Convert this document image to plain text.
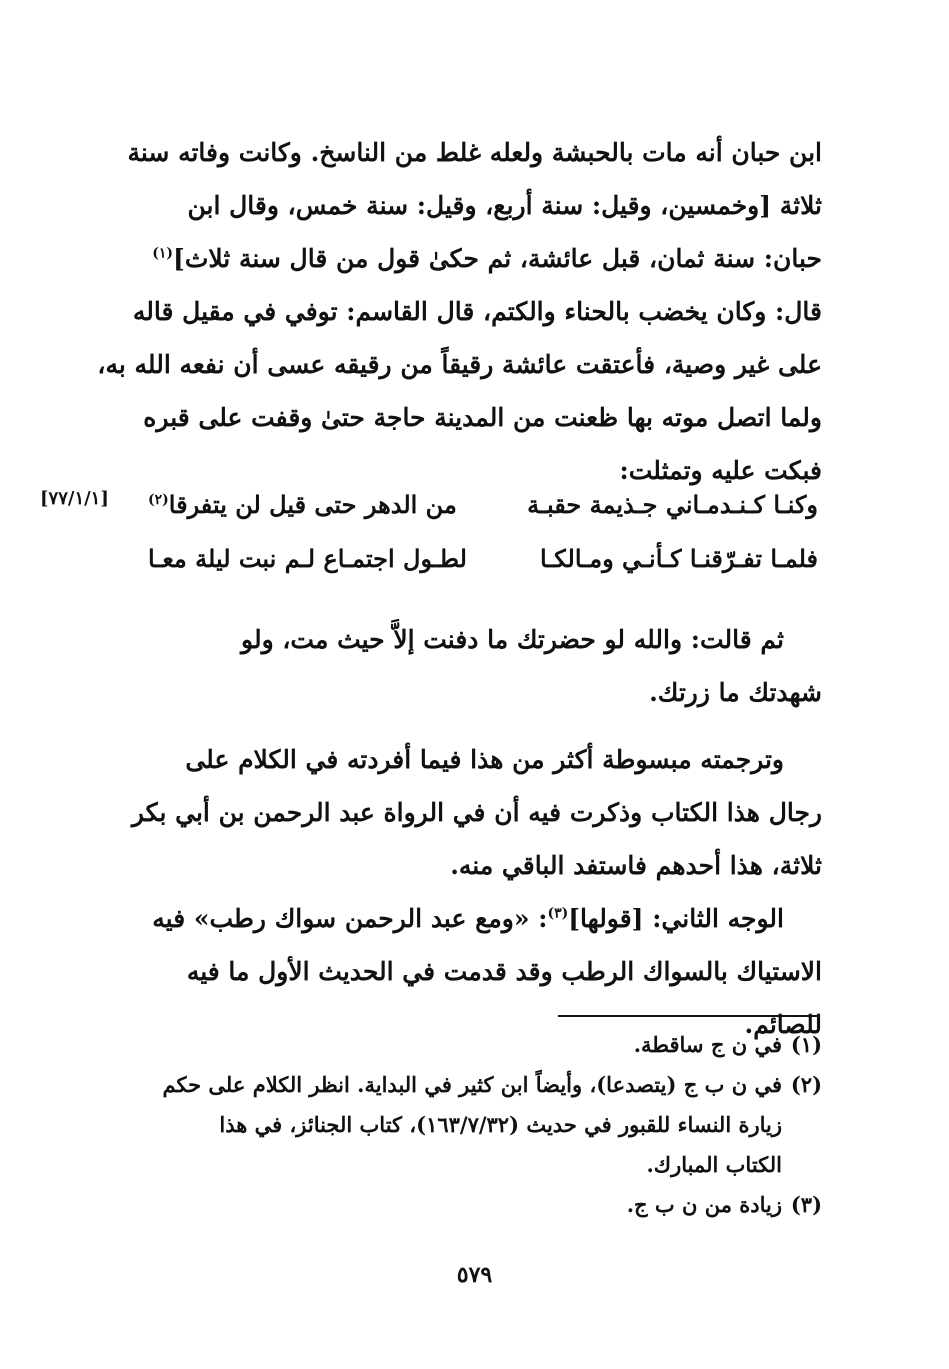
ابن حبان أنه مات بالحبشة ولعله غلط من الناسخ. وكانت وفاته سنة
ثلاثة [وخمسين، وقيل: سنة أربع، وقيل: سنة خمس، وقال ابن
حبان: سنة ثمان، قبل عائشة، ثم حكىٰ قول من قال سنة ثلاث]$^{(١)}$
قال: وكان يخضب بالحناء والكتم، قال القاسم: توفي في مقيل قاله
على غير وصية، فأعتقت عائشة رقيقاً من رقيقه عسى أن نفعه الله به،
ولما اتصل موته بها ظعنت من المدينة حاجة حتىٰ وقفت على قبره
فبكت عليه وتمثلت:
ثم قالت: والله لو حضرتك ما دفنت إلاَّ حيث مت، ولو
شهدتك ما زرتك.
وترجمته مبسوطة أكثر من هذا فيما أفردته في الكلام على
رجال هذا الكتاب وذكرت فيه أن في الرواة عبد الرحمن بن أبي بكر
ثلاثة، هذا أحدهم فاستفد الباقي منه.
الوجه الثاني: [قولها]$^{(٣)}$: «ومع عبد الرحمن سواك رطب» فيه
الاستياك بالسواك الرطب وقد قدمت في الحديث الأول ما فيه
للصائم.
وكنـا كـنـدمـاني جـذيمة حقبـة
من الدهر حتى قيل لن يتفرقا$^{(٢)}$
فلمـا تفـرّقنـا كـأنـي ومـالكـا
لطـول اجتمـاع لـم نبت ليلة معـا
[٧٧/١/١]
(١)
في ن ج ساقطة.
(٢)
في ن ب ج (يتصدعا)، وأيضاً ابن كثير في البداية. انظر الكلام على حكم
زيارة النساء للقبور في حديث (١٦٣/٧/٣٢)، كتاب الجنائز، في هذا
الكتاب المبارك.
(٣)
زيادة من ن ب ج.
٥٧٩
